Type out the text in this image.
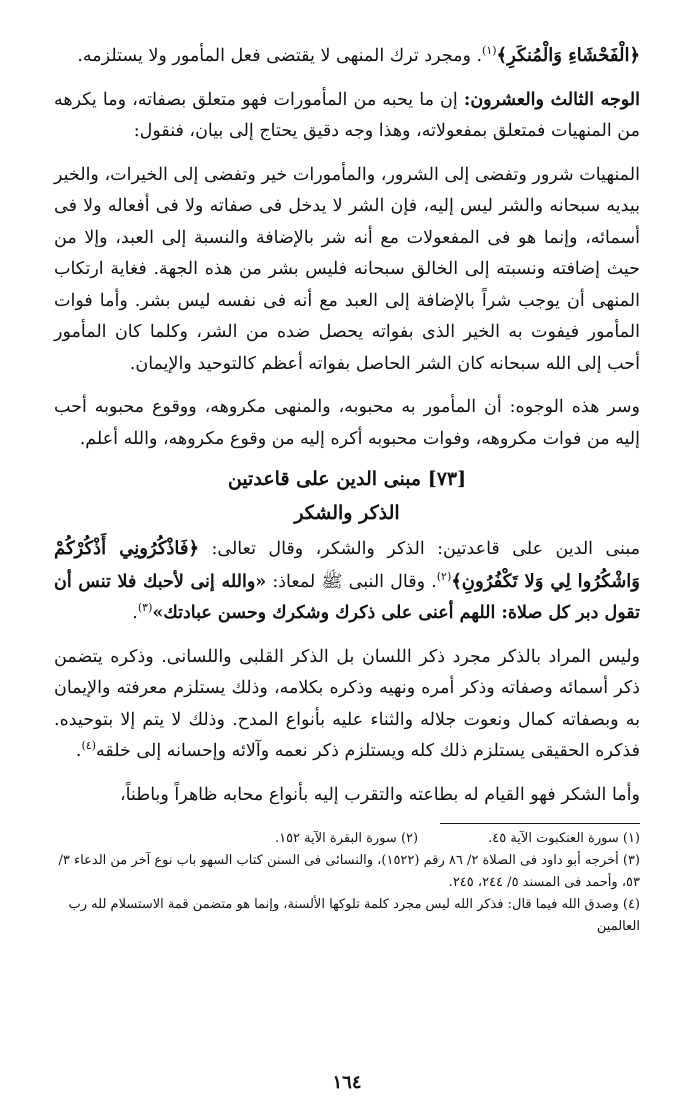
﴿الْفَحْشَاءِ وَالْمُنكَرِ﴾$^{(١)}$. ومجرد ترك المنهى لا يقتضى فعل المأمور ولا يستلزمه.

الوجه الثالث والعشرون: إن ما يحبه من المأمورات فهو متعلق بصفاته، وما يكرهه من المنهيات فمتعلق بمفعولاته، وهذا وجه دقيق يحتاج إلى بيان، فنقول:

المنهيات شرور وتفضى إلى الشرور، والمأمورات خير وتفضى إلى الخيرات، والخير بيديه سبحانه والشر ليس إليه، فإن الشر لا يدخل فى صفاته ولا فى أفعاله ولا فى أسمائه، وإنما هو فى المفعولات مع أنه شر بالإضافة والنسبة إلى العبد، وإلا من حيث إضافته ونسبته إلى الخالق سبحانه فليس بشر من هذه الجهة. فغاية ارتكاب المنهى أن يوجب شراً بالإضافة إلى العبد مع أنه فى نفسه ليس بشر. وأما فوات المأمور فيفوت به الخير الذى بفواته يحصل ضده من الشر، وكلما كان المأمور أحب إلى الله سبحانه كان الشر الحاصل بفواته أعظم كالتوحيد والإيمان.

وسر هذه الوجوه: أن المأمور به محبوبه، والمنهى مكروهه، ووقوع محبوبه أحب إليه من فوات مكروهه، وفوات محبوبه أكره إليه من وقوع مكروهه، والله أعلم.

[٧٣] مبنى الدين على قاعدتين
الذكر والشكر

مبنى الدين على قاعدتين: الذكر والشكر، وقال تعالى: ﴿فَاذْكُرُونِي أَذْكُرْكُمْ وَاشْكُرُوا لِي وَلا تَكْفُرُونِ﴾$^{(٢)}$. وقال النبى ﷺ لمعاذ: «والله إنى لأحبك فلا تنس أن تقول دبر كل صلاة: اللهم أعنى على ذكرك وشكرك وحسن عبادتك»$^{(٣)}$.

وليس المراد بالذكر مجرد ذكر اللسان بل الذكر القلبى واللسانى. وذكره يتضمن ذكر أسمائه وصفاته وذكر أمره ونهيه وذكره بكلامه، وذلك يستلزم معرفته والإيمان به وبصفاته كمال ونعوت جلاله والثناء عليه بأنواع المدح. وذلك لا يتم إلا بتوحيده. فذكره الحقيقى يستلزم ذلك كله ويستلزم ذكر نعمه وآلائه وإحسانه إلى خلقه$^{(٤)}$.

وأما الشكر فهو القيام له بطاعته والتقرب إليه بأنواع محابه ظاهراً وباطناً،

(١) سورة العنكبوت الآية ٤٥.
(٢) سورة البقرة الآية ١٥٢.
(٣) أخرجه أبو داود فى الصلاة ٢/ ٨٦ رقم (١٥٢٢)، والنسائى فى السنن كتاب السهو باب نوع آخر من الدعاء ٣/ ٥٣، وأحمد فى المسند ٥/ ٢٤٤، ٢٤٥.
(٤) وصدق الله فيما قال: فذكر الله ليس مجرد كلمة تلوكها الألسنة، وإنما هو متضمن قمة الاستسلام لله رب العالمين
١٦٤
